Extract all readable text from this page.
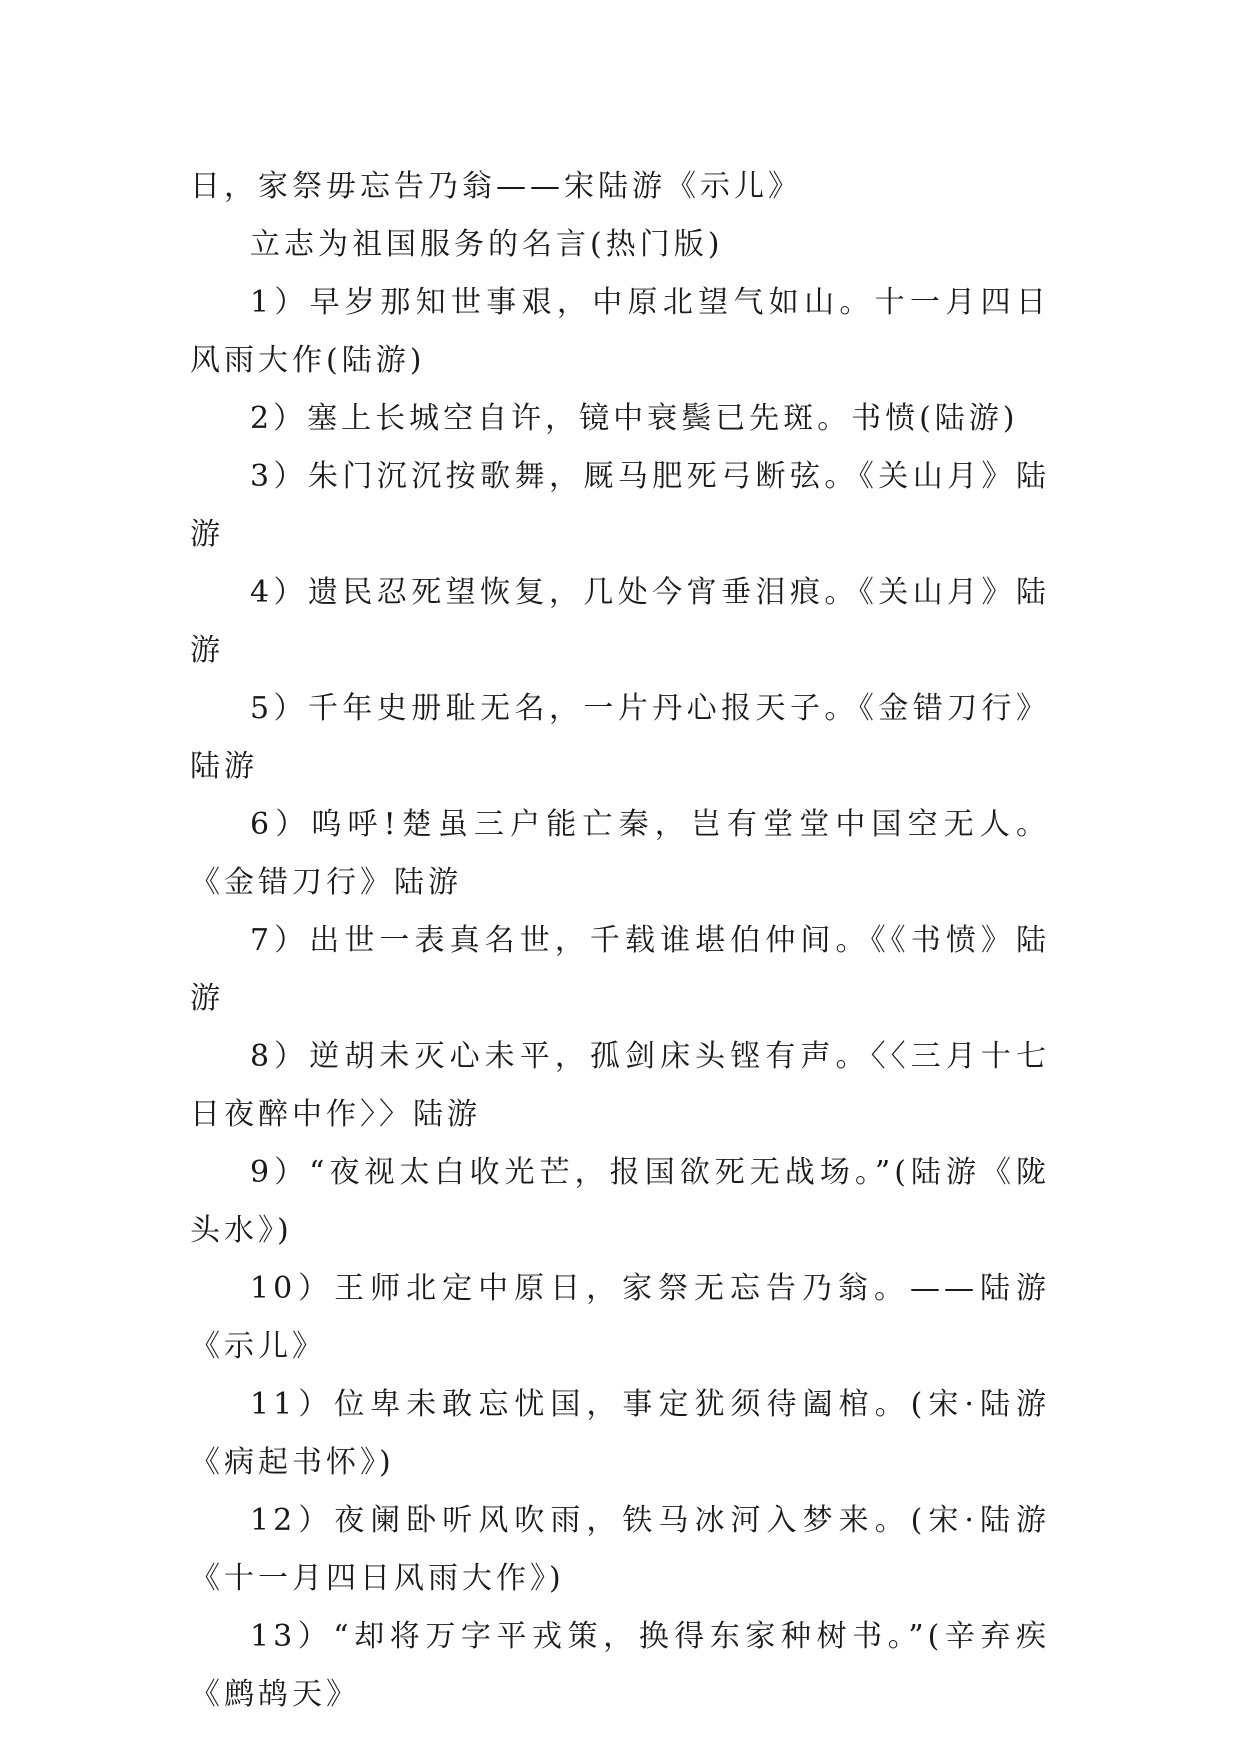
日，家祭毋忘告乃翁——宋陆游《示儿》

立志为祖国服务的名言(热门版)

1）早岁那知世事艰，中原北望气如山。十一月四日风雨大作(陆游)

2）塞上长城空自许，镜中衰鬓已先斑。书愤(陆游)

3）朱门沉沉按歌舞，厩马肥死弓断弦。《关山月》陆游

4）遗民忍死望恢复，几处今宵垂泪痕。《关山月》陆游

5）千年史册耻无名，一片丹心报天子。《金错刀行》陆游

6）呜呼!楚虽三户能亡秦，岂有堂堂中国空无人。《金错刀行》陆游

7）出世一表真名世，千载谁堪伯仲间。《《书愤》陆游

8）逆胡未灭心未平，孤剑床头铿有声。〈〈三月十七日夜醉中作〉〉陆游

9）“夜视太白收光芒，报国欲死无战场。”(陆游《陇头水》)

10）王师北定中原日，家祭无忘告乃翁。——陆游《示儿》

11）位卑未敢忘忧国，事定犹须待阖棺。(宋·陆游《病起书怀》)

12）夜阑卧听风吹雨，铁马冰河入梦来。(宋·陆游《十一月四日风雨大作》)

13）“却将万字平戎策，换得东家种树书。”(辛弃疾《鹧鸪天》
